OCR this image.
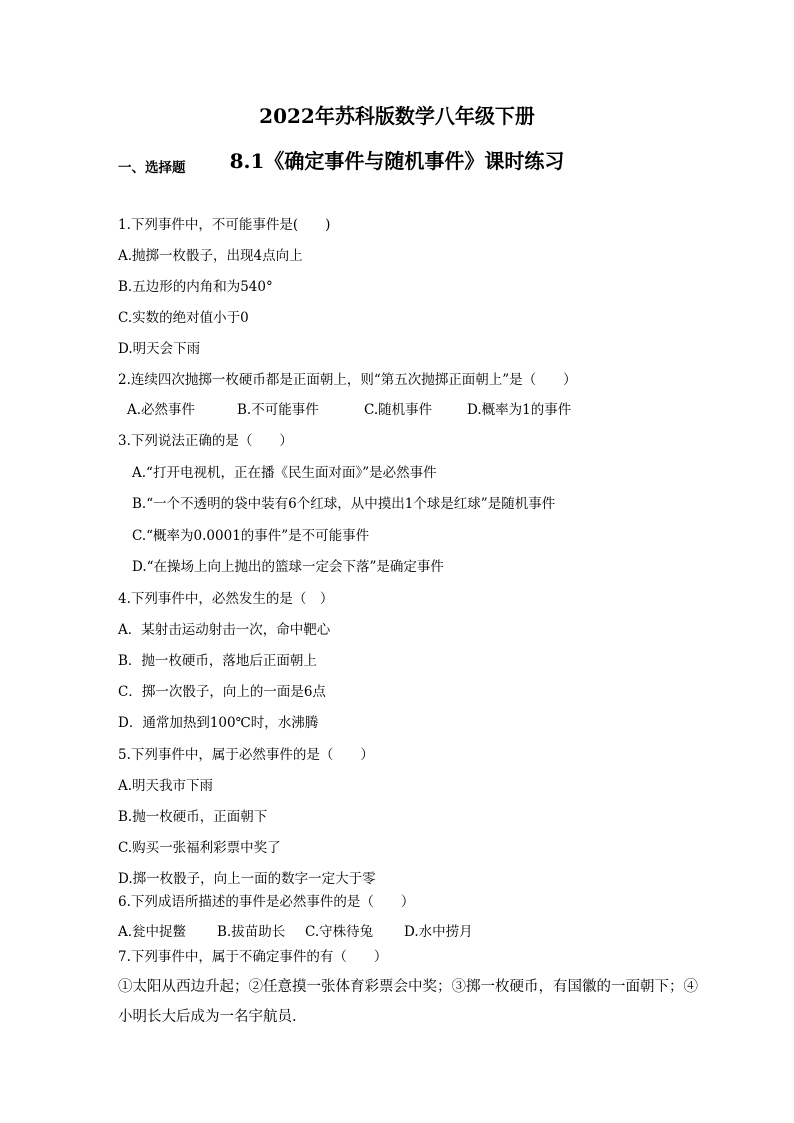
2022年苏科版数学八年级下册
8.1《确定事件与随机事件》课时练习
一、选择题
1.下列事件中，不可能事件是(　　)
A.抛掷一枚骰子，出现4点向上
B.五边形的内角和为540°
C.实数的绝对值小于0
D.明天会下雨
2.连续四次抛掷一枚硬币都是正面朝上，则“第五次抛掷正面朝上”是（　　）
A.必然事件	B.不可能事件	C.随机事件	D.概率为1的事件
3.下列说法正确的是（　　）
A.“打开电视机，正在播《民生面对面》”是必然事件
B.“一个不透明的袋中装有6个红球，从中摸出1个球是红球”是随机事件
C.“概率为0.0001的事件”是不可能事件
D.“在操场上向上抛出的篮球一定会下落”是确定事件
4.下列事件中，必然发生的是（　）
A．某射击运动射击一次，命中靶心
B．抛一枚硬币，落地后正面朝上
C．掷一次骰子，向上的一面是6点
D．通常加热到100℃时，水沸腾
5.下列事件中，属于必然事件的是（　　）
A.明天我市下雨
B.抛一枚硬币，正面朝下
C.购买一张福利彩票中奖了
D.掷一枚骰子，向上一面的数字一定大于零
6.下列成语所描述的事件是必然事件的是（　　）
A.瓮中捉鳖 B.拔苗助长 C.守株待兔 D.水中捞月
7.下列事件中，属于不确定事件的有（　　）
①太阳从西边升起；②任意摸一张体育彩票会中奖；③掷一枚硬币，有国徽的一面朝下；④
小明长大后成为一名宇航员.
